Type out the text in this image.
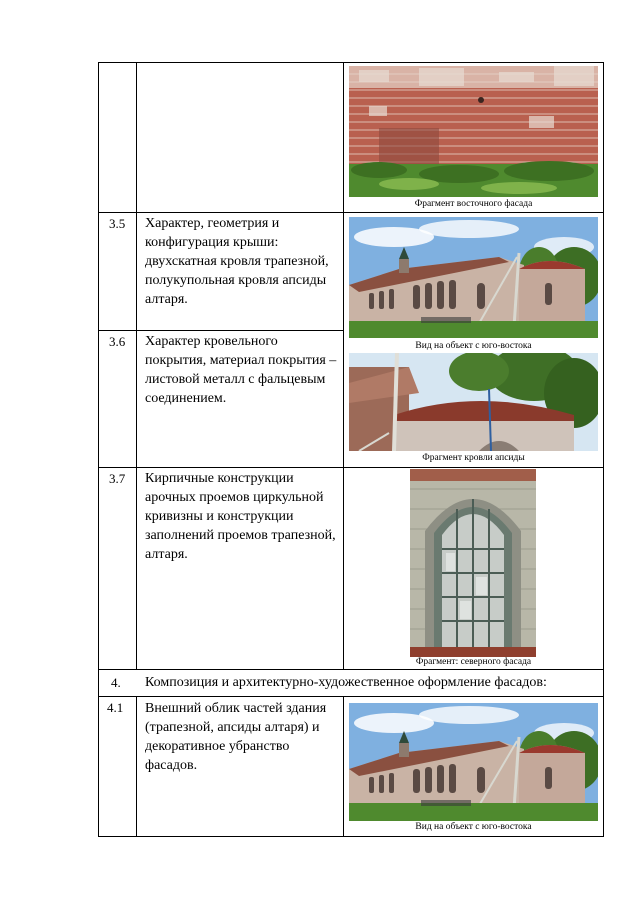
Фрагмент восточного фасада
3.5 Характер, геометрия и конфигурация крыши: двухскатная кровля трапезной, полукупольная кровля апсиды алтаря.
3.6 Характер кровельного покрытия, материал покрытия – листовой металл с фальцевым соединением.
Вид на объект с юго-востока
Фрагмент кровли апсиды
3.7 Кирпичные конструкции арочных проемов циркульной кривизны и конструкции заполнений проемов трапезной, алтаря.
Фрагмент: северного фасада
4. Композиция и архитектурно-художественное оформление фасадов:
4.1 Внешний облик частей здания (трапезной, апсиды алтаря) и декоративное убранство фасадов.
Вид на объект с юго-востока
